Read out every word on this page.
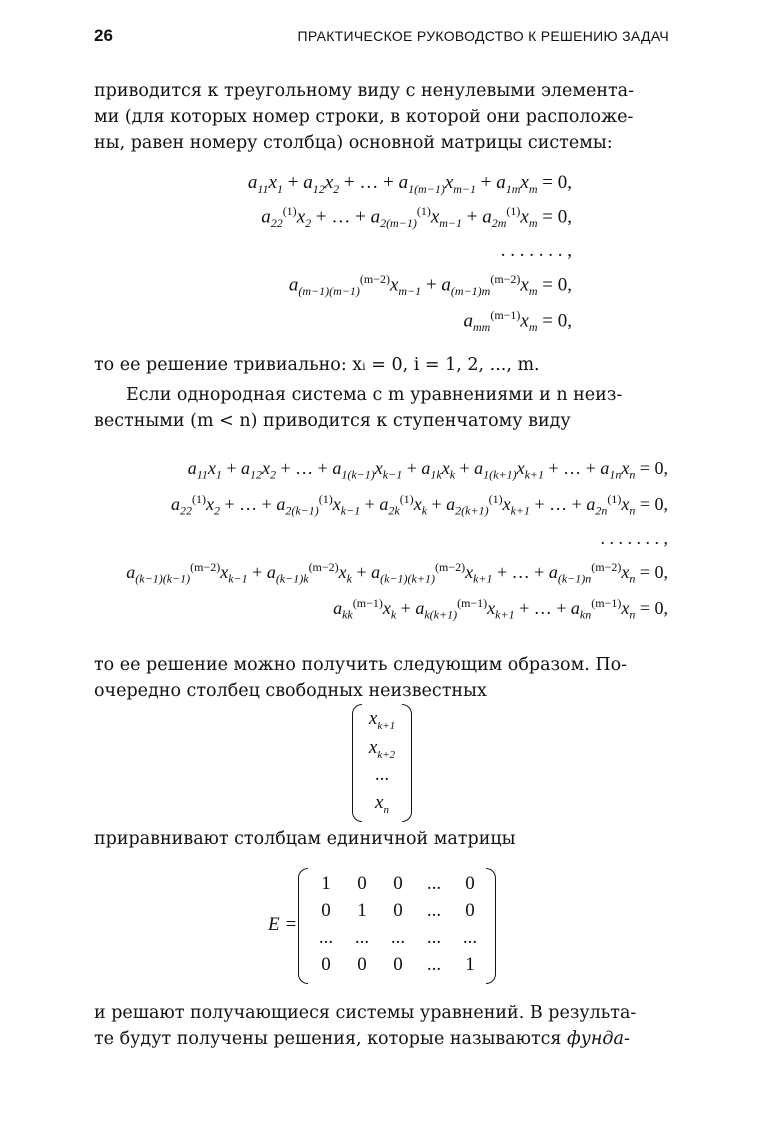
26	ПРАКТИЧЕСКОЕ РУКОВОДСТВО К РЕШЕНИЮ ЗАДАЧ
приводится к треугольному виду с ненулевыми элемента-
ми (для которых номер строки, в которой они расположе-
ны, равен номеру столбца) основной матрицы системы:
$a_{11}x_1 + a_{12}x_2$ + … + $a_{1(m-1)}x_{m-1} + a_{1m}x_m = 0$,
$a_{22}^{(1)}x_2$ + … + $a_{2(m-1)}^{(1)}x_{m-1} + a_{2m}^{(1)}x_m = 0$,
. . . . . . . ,
$a_{(m-1)(m-1)}^{(m-2)}x_{m-1} + a_{(m-1)m}^{(m-2)}x_m = 0$,
$a_{mm}^{(m-1)}x_m = 0$,
то ее решение тривиально: xᵢ = 0, i = 1, 2, ..., m.
Если однородная система с m уравнениями и n неиз-
вестными (m < n) приводится к ступенчатому виду
$a_{11}x_1 + a_{12}x_2$ + … + $a_{1(k-1)}x_{k-1} + a_{1k}x_k + a_{1(k+1)}x_{k+1}$ + … + $a_{1n}x_n = 0$,
$a_{22}^{(1)}x_2$ + … + $a_{2(k-1)}^{(1)}x_{k-1} + a_{2k}^{(1)}x_k + a_{2(k+1)}^{(1)}x_{k+1}$ + … + $a_{2n}^{(1)}x_n = 0$,
. . . . . . . ,
$a_{(k-1)(k-1)}^{(m-2)}x_{k-1} + a_{(k-1)k}^{(m-2)}x_k + a_{(k-1)(k+1)}^{(m-2)}x_{k+1}$ + … + $a_{(k-1)n}^{(m-2)}x_n = 0$,
$a_{kk}^{(m-1)}x_k + a_{k(k+1)}^{(m-1)}x_{k+1}$ + … + $a_{kn}^{(m-1)}x_n = 0$,
то ее решение можно получить следующим образом. По-
очередно столбец свободных неизвестных
$x_{k+1}$
$x_{k+2}$
...
$x_n$
приравнивают столбцам единичной матрицы
E =
1	0	0	...	0
0	1	0	...	0
...	...	...	...	...
0	0	0	...	1
и решают получающиеся системы уравнений. В результа-
те будут получены решения, которые называются фунда-
